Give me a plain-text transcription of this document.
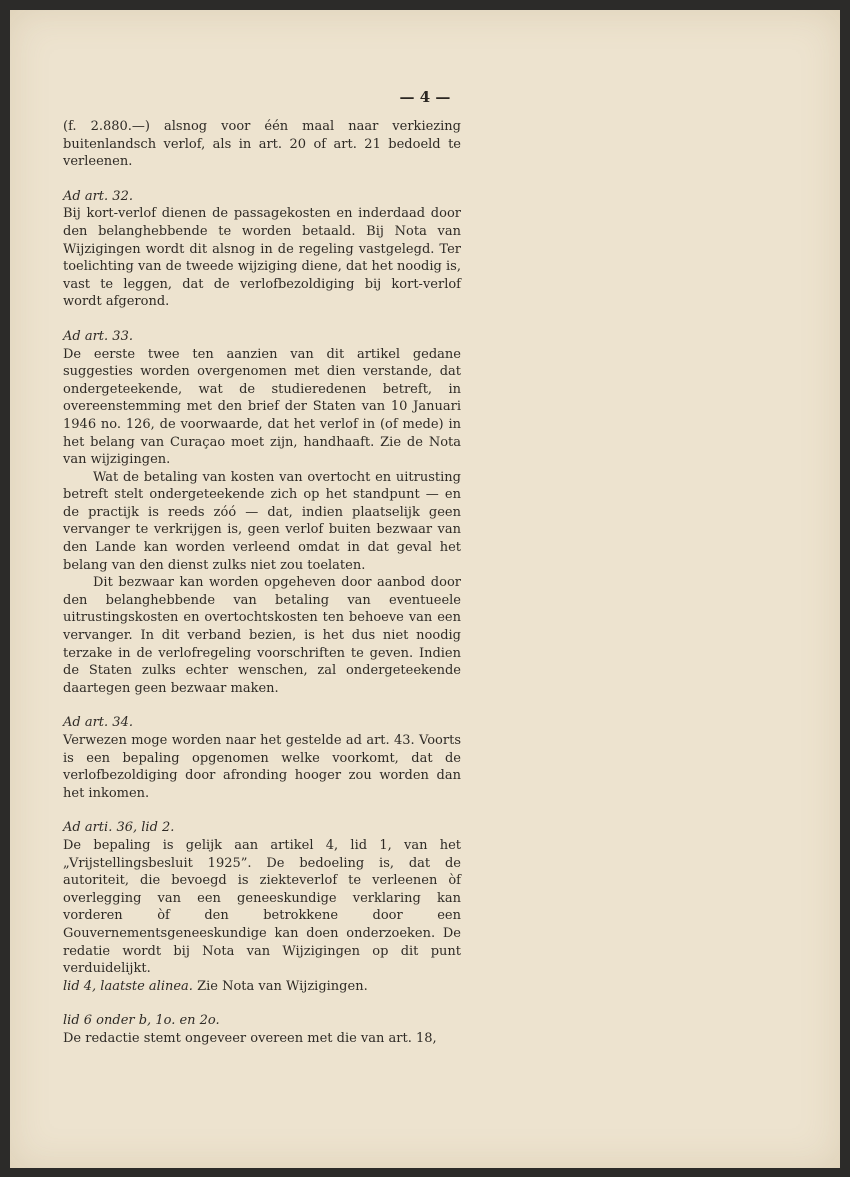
— 4 —

(f. 2.880.—) alsnog voor één maal naar verkiezing buitenlandsch verlof, als in art. 20 of art. 21 bedoeld te verleenen.

Ad art. 32.

Bij kort-verlof dienen de passagekosten en inderdaad door den belanghebbende te worden betaald. Bij Nota van Wijzigingen wordt dit alsnog in de regeling vastgelegd. Ter toelichting van de tweede wijziging diene, dat het noodig is, vast te leggen, dat de verlofbezoldiging bij kort-verlof wordt afgerond.

Ad art. 33.

De eerste twee ten aanzien van dit artikel gedane suggesties worden overgenomen met dien verstande, dat ondergeteekende, wat de studieredenen betreft, in overeenstemming met den brief der Staten van 10 Januari 1946 no. 126, de voorwaarde, dat het verlof in (of mede) in het belang van Curaçao moet zijn, handhaaft. Zie de Nota van wijzigingen.

Wat de betaling van kosten van overtocht en uitrusting betreft stelt ondergeteekende zich op het standpunt — en de practijk is reeds zóó — dat, indien plaatselijk geen vervanger te verkrijgen is, geen verlof buiten bezwaar van den Lande kan worden verleend omdat in dat geval het belang van den dienst zulks niet zou toelaten.

Dit bezwaar kan worden opgeheven door aanbod door den belanghebbende van betaling van eventueele uitrustingskosten en overtochtskosten ten behoeve van een vervanger. In dit verband bezien, is het dus niet noodig terzake in de verlofregeling voorschriften te geven. Indien de Staten zulks echter wenschen, zal ondergeteekende daartegen geen bezwaar maken.

Ad art. 34.

Verwezen moge worden naar het gestelde ad art. 43. Voorts is een bepaling opgenomen welke voorkomt, dat de verlofbezoldiging door afronding hooger zou worden dan het inkomen.

Ad arti. 36, lid 2.

De bepaling is gelijk aan artikel 4, lid 1, van het „Vrijstellingsbesluit 1925”. De bedoeling is, dat de autoriteit, die bevoegd is ziekteverlof te verleenen òf overlegging van een geneeskundige verklaring kan vorderen òf den betrokkene door een Gouvernementsgeneeskundige kan doen onderzoeken. De redatie wordt bij Nota van Wijzigingen op dit punt verduidelijkt.

lid 4, laatste alinea. Zie Nota van Wijzigingen.

lid 6 onder b, 1o. en 2o.

De redactie stemt ongeveer overeen met die van art. 18,
